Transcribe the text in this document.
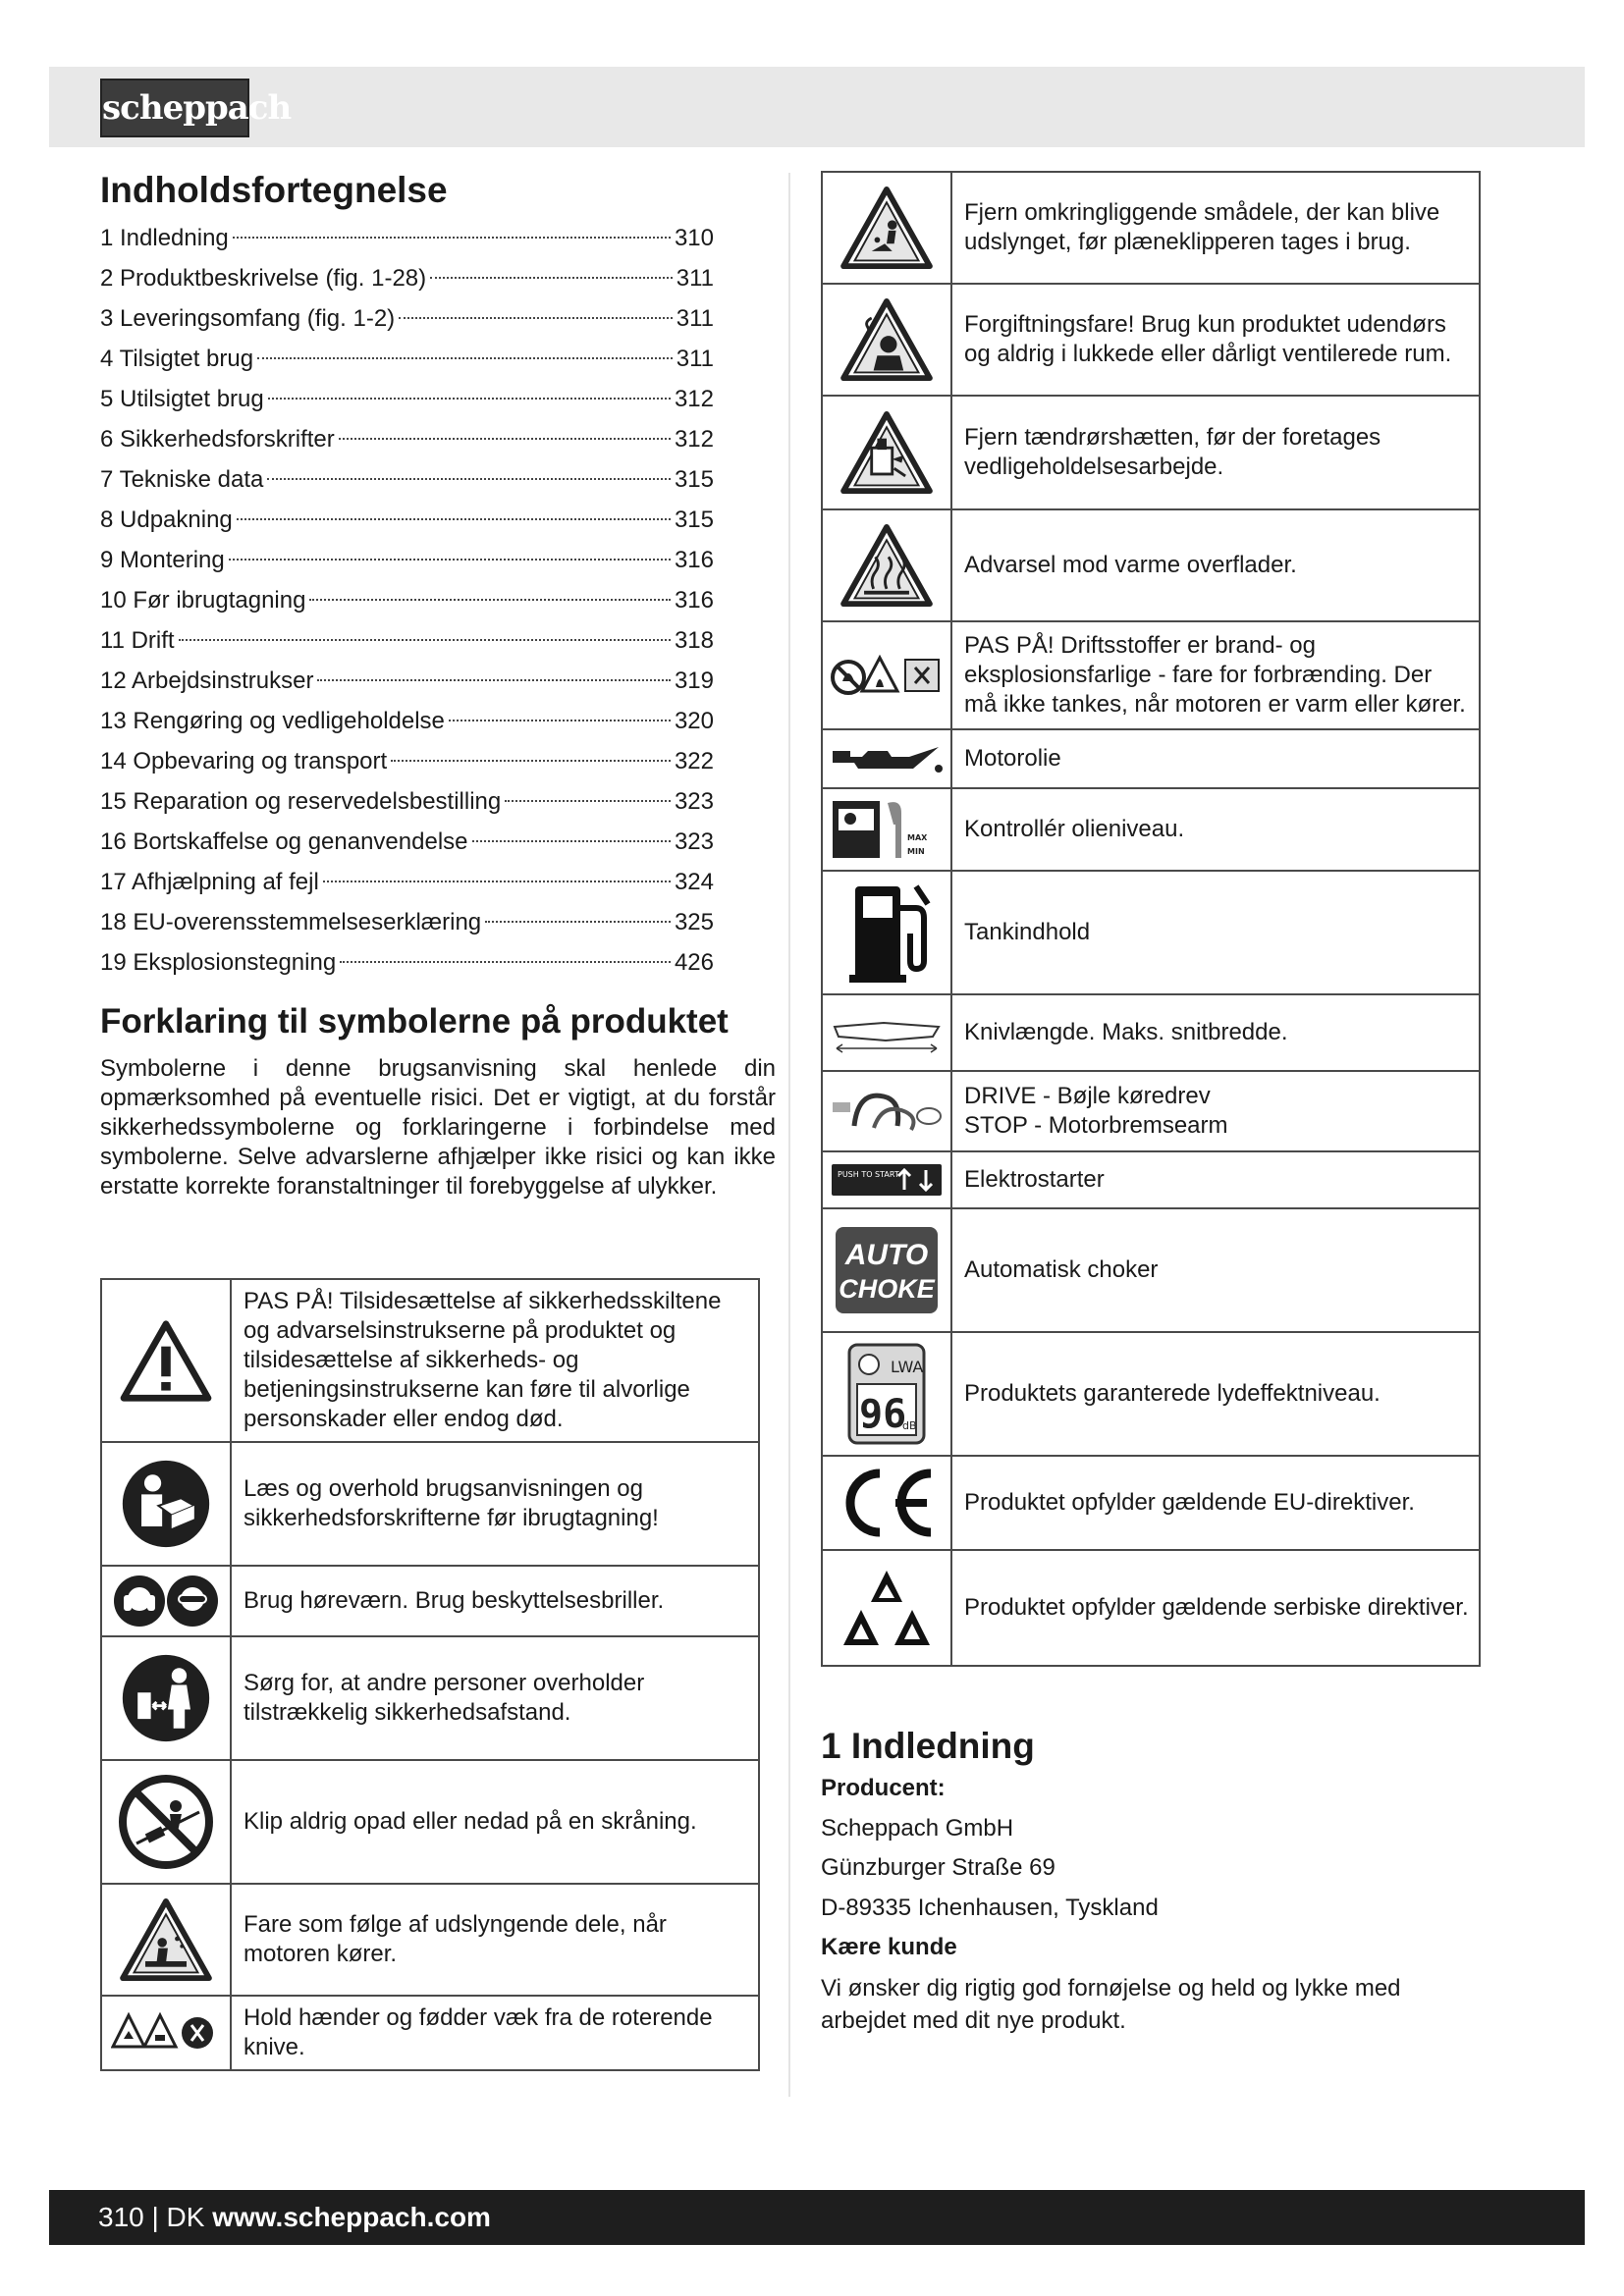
scheppach
Indholdsfortegnelse
1 Indledning	310
2 Produktbeskrivelse (fig. 1-28)	311
3 Leveringsomfang (fig. 1-2)	311
4 Tilsigtet brug	311
5 Utilsigtet brug	312
6 Sikkerhedsforskrifter	312
7 Tekniske data	315
8 Udpakning	315
9 Montering	316
10 Før ibrugtagning	316
11 Drift	318
12 Arbejdsinstrukser	319
13 Rengøring og vedligeholdelse	320
14 Opbevaring og transport	322
15 Reparation og reservedelsbestilling	323
16 Bortskaffelse og genanvendelse	323
17 Afhjælpning af fejl	324
18 EU-overensstemmelseserklæring	325
19 Eksplosionstegning	426
Forklaring til symbolerne på produktet

Symbolerne i denne brugsanvisning skal henlede din opmærksomhed på eventuelle risici. Det er vigtigt, at du forstår sikkerhedssymbolerne og forklaringerne i forbindelse med symbolerne. Selve advarslerne afhjælper ikke risici og kan ikke erstatte korrekte foranstaltninger til forebyggelse af ulykker.

	PAS PÅ! Tilsidesættelse af sikkerhedsskiltene og advarselsinstrukserne på produktet og tilsidesættelse af sikkerheds- og betjeningsinstrukserne kan føre til alvorlige personskader eller endog død.

	Læs og overhold brugsanvisningen og sikkerhedsforskrifterne før ibrugtagning!

	Brug høreværn. Brug beskyttelsesbriller.

	Sørg for, at andre personer overholder tilstrækkelig sikkerhedsafstand.

	Klip aldrig opad eller nedad på en skråning.

	Fare som følge af udslyngende dele, når motoren kører.

	Hold hænder og fødder væk fra de roterende knive.
	Fjern omkringliggende smådele, der kan blive udslynget, før plæneklipperen tages i brug.

	Forgiftningsfare! Brug kun produktet udendørs og aldrig i lukkede eller dårligt ventilerede rum.

	Fjern tændrørshætten, før der foretages vedligeholdelsesarbejde.

	Advarsel mod varme overflader.

	PAS PÅ! Driftsstoffer er brand- og eksplosionsfarlige - fare for forbrænding. Der må ikke tankes, når motoren er varm eller kører.

	Motorolie

MAX
MIN	Kontrollér olieniveau.

	Tankindhold

	Knivlængde. Maks. snitbredde.

DRIVE - Bøjle køredrev
STOP - Motorbremsearm

PUSH TO START	Elektrostarter

AUTO
CHOKE	Automatisk choker

LWA
96
dB	Produktets garanterede lydeffektniveau.

	Produktet opfylder gældende EU-direktiver.

	Produktet opfylder gældende serbiske direktiver.
1 Indledning

Producent:

Scheppach GmbH

Günzburger Straße 69

D-89335 Ichenhausen, Tyskland

Kære kunde

Vi ønsker dig rigtig god fornøjelse og held og lykke med arbejdet med dit nye produkt.

310 | DK www.scheppach.com
